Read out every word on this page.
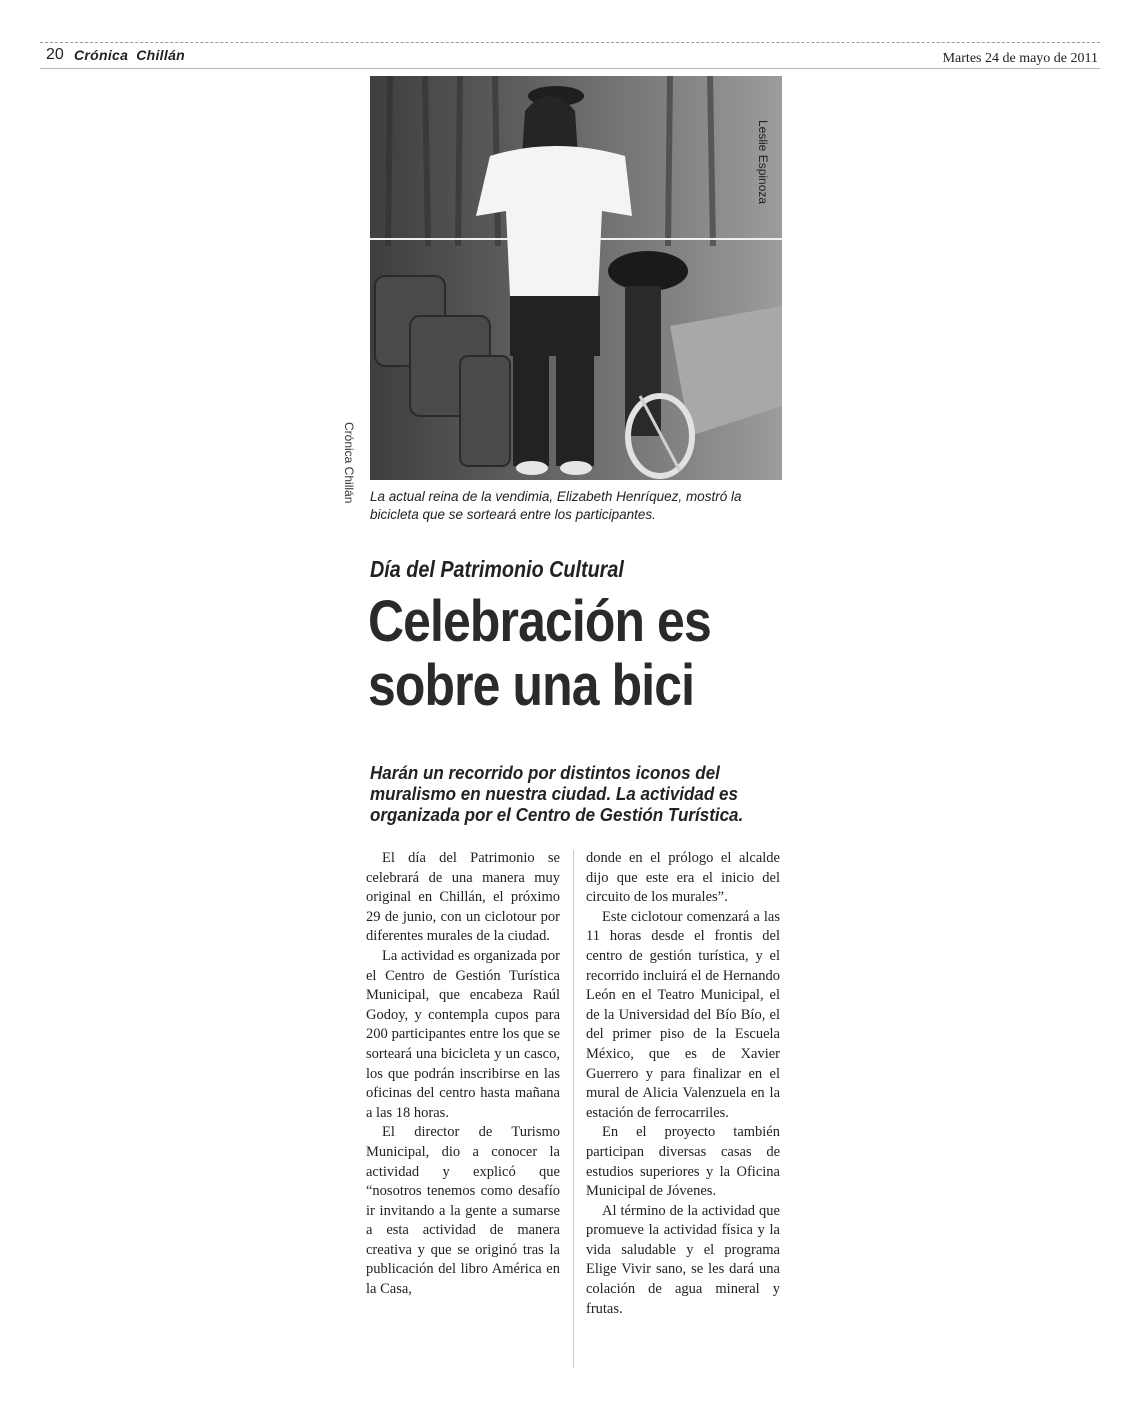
20 Crónica Chillán	Martes 24 de mayo de 2011
Leslie Espinoza
Crónica Chillán La actual reina de la vendimia, Elizabeth Henríquez, mostró la bicicleta que se sorteará entre los participantes.
Día del Patrimonio Cultural
Celebración es sobre una bici
Harán un recorrido por distintos iconos del muralismo en nuestra ciudad. La actividad es organizada por el Centro de Gestión Turística.

El día del Patrimonio se celebrará de una manera muy original en Chillán, el próximo 29 de junio, con un ciclotour por diferentes murales de la ciudad.

La actividad es organizada por el Centro de Gestión Turística Municipal, que encabeza Raúl Godoy, y contempla cupos para 200 participantes entre los que se sorteará una bicicleta y un casco, los que podrán inscribirse en las oficinas del centro hasta mañana a las 18 horas.

El director de Turismo Municipal, dio a conocer la actividad y explicó que “nosotros tenemos como desafío ir invitando a la gente a sumarse a esta actividad de manera creativa y que se originó tras la publicación del libro América en la Casa,

donde en el prólogo el alcalde dijo que este era el inicio del circuito de los murales”.

Este ciclotour comenzará a las 11 horas desde el frontis del centro de gestión turística, y el recorrido incluirá el de Hernando León en el Teatro Municipal, el de la Universidad del Bío Bío, el del primer piso de la Escuela México, que es de Xavier Guerrero y para finalizar en el mural de Alicia Valenzuela en la estación de ferrocarriles.

En el proyecto también participan diversas casas de estudios superiores y la Oficina Municipal de Jóvenes.

Al término de la actividad que promueve la actividad física y la vida saludable y el programa Elige Vivir sano, se les dará una colación de agua mineral y frutas.
